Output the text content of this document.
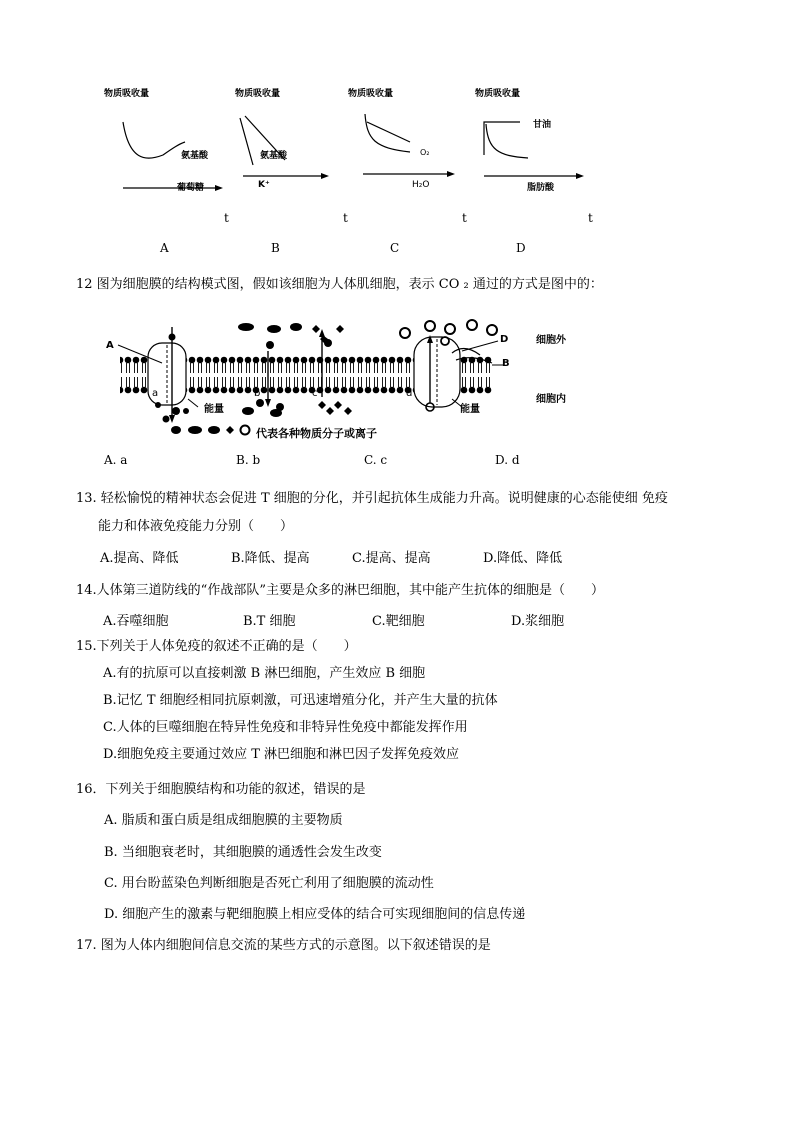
物质吸收量
氨基酸
葡萄糖
物质吸收量
氨基酸
K⁺
物质吸收量
O₂
H₂O
物质吸收量
甘油
脂肪酸
t	t	t	t
A	B	C	D
12 图为细胞膜的结构模式图，假如该细胞为人体肌细胞，表示 CO ₂ 通过的方式是图中的：
A
B
D
a	b	c	d
细胞外
细胞内
能量	能量
代表各种物质分子或离子
A. a	B. b	C. c	D. d
13. 轻松愉悦的精神状态会促进 T 细胞的分化，并引起抗体生成能力升高。说明健康的心态能使细 免疫
能力和体液免疫能力分别（　　）
A.提高、降低	B.降低、提高	C.提高、提高	D.降低、降低
14.人体第三道防线的“作战部队”主要是众多的淋巴细胞，其中能产生抗体的细胞是（　　）
A.吞噬细胞	B.T 细胞	C.靶细胞	D.浆细胞
15.下列关于人体免疫的叙述不正确的是（　　）
A.有的抗原可以直接刺激 B 淋巴细胞，产生效应 B 细胞
B.记忆 T 细胞经相同抗原刺激，可迅速增殖分化，并产生大量的抗体
C.人体的巨噬细胞在特异性免疫和非特异性免疫中都能发挥作用
D.细胞免疫主要通过效应 T 淋巴细胞和淋巴因子发挥免疫效应
16．下列关于细胞膜结构和功能的叙述，错误的是
A. 脂质和蛋白质是组成细胞膜的主要物质
B. 当细胞衰老时，其细胞膜的通透性会发生改变
C. 用台盼蓝染色判断细胞是否死亡利用了细胞膜的流动性
D. 细胞产生的激素与靶细胞膜上相应受体的结合可实现细胞间的信息传递
17. 图为人体内细胞间信息交流的某些方式的示意图。以下叙述错误的是
